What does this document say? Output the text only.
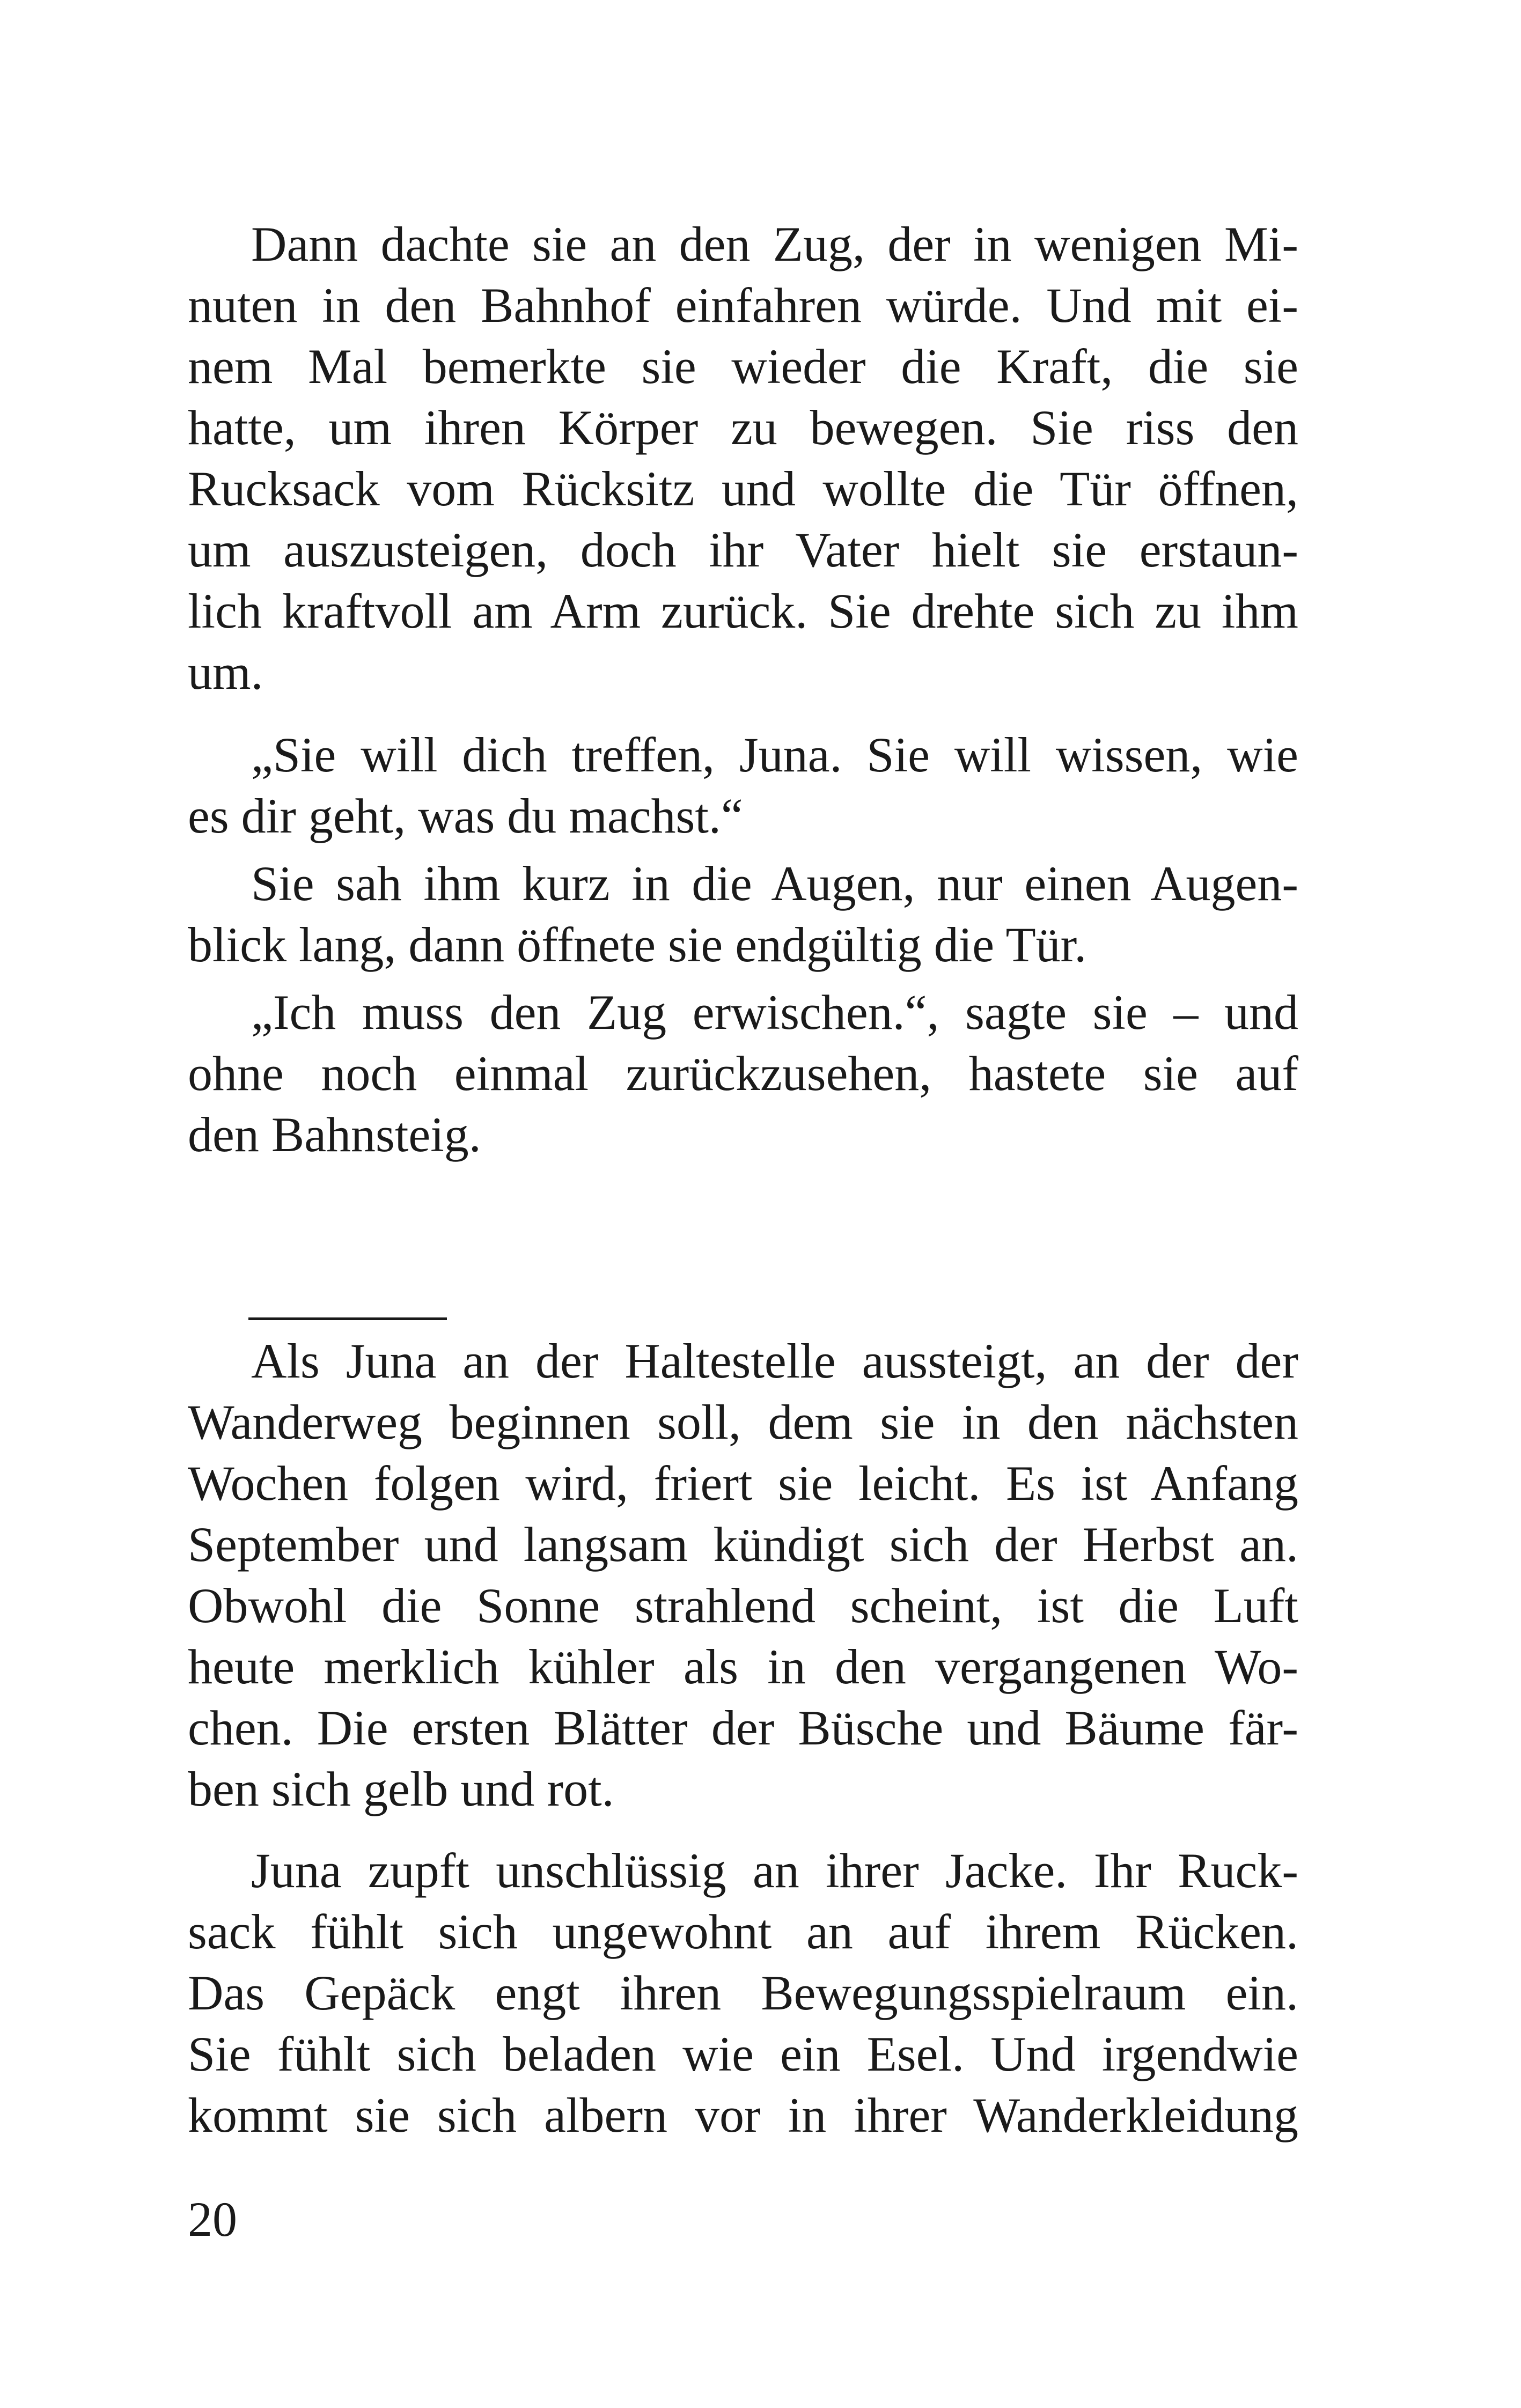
Dann dachte sie an den Zug, der in wenigen Mi-
nuten in den Bahnhof einfahren würde. Und mit ei-
nem Mal bemerkte sie wieder die Kraft, die sie
hatte, um ihren Körper zu bewegen. Sie riss den
Rucksack vom Rücksitz und wollte die Tür öffnen,
um auszusteigen, doch ihr Vater hielt sie erstaun-
lich kraftvoll am Arm zurück. Sie drehte sich zu ihm
um.
„Sie will dich treffen, Juna. Sie will wissen, wie
es dir geht, was du machst.“
Sie sah ihm kurz in die Augen, nur einen Augen-
blick lang, dann öffnete sie endgültig die Tür.
„Ich muss den Zug erwischen.“, sagte sie – und
ohne noch einmal zurückzusehen, hastete sie auf
den Bahnsteig.
Als Juna an der Haltestelle aussteigt, an der der
Wanderweg beginnen soll, dem sie in den nächsten
Wochen folgen wird, friert sie leicht. Es ist Anfang
September und langsam kündigt sich der Herbst an.
Obwohl die Sonne strahlend scheint, ist die Luft
heute merklich kühler als in den vergangenen Wo-
chen. Die ersten Blätter der Büsche und Bäume fär-
ben sich gelb und rot.
Juna zupft unschlüssig an ihrer Jacke. Ihr Ruck-
sack fühlt sich ungewohnt an auf ihrem Rücken.
Das Gepäck engt ihren Bewegungsspielraum ein.
Sie fühlt sich beladen wie ein Esel. Und irgendwie
kommt sie sich albern vor in ihrer Wanderkleidung
20
